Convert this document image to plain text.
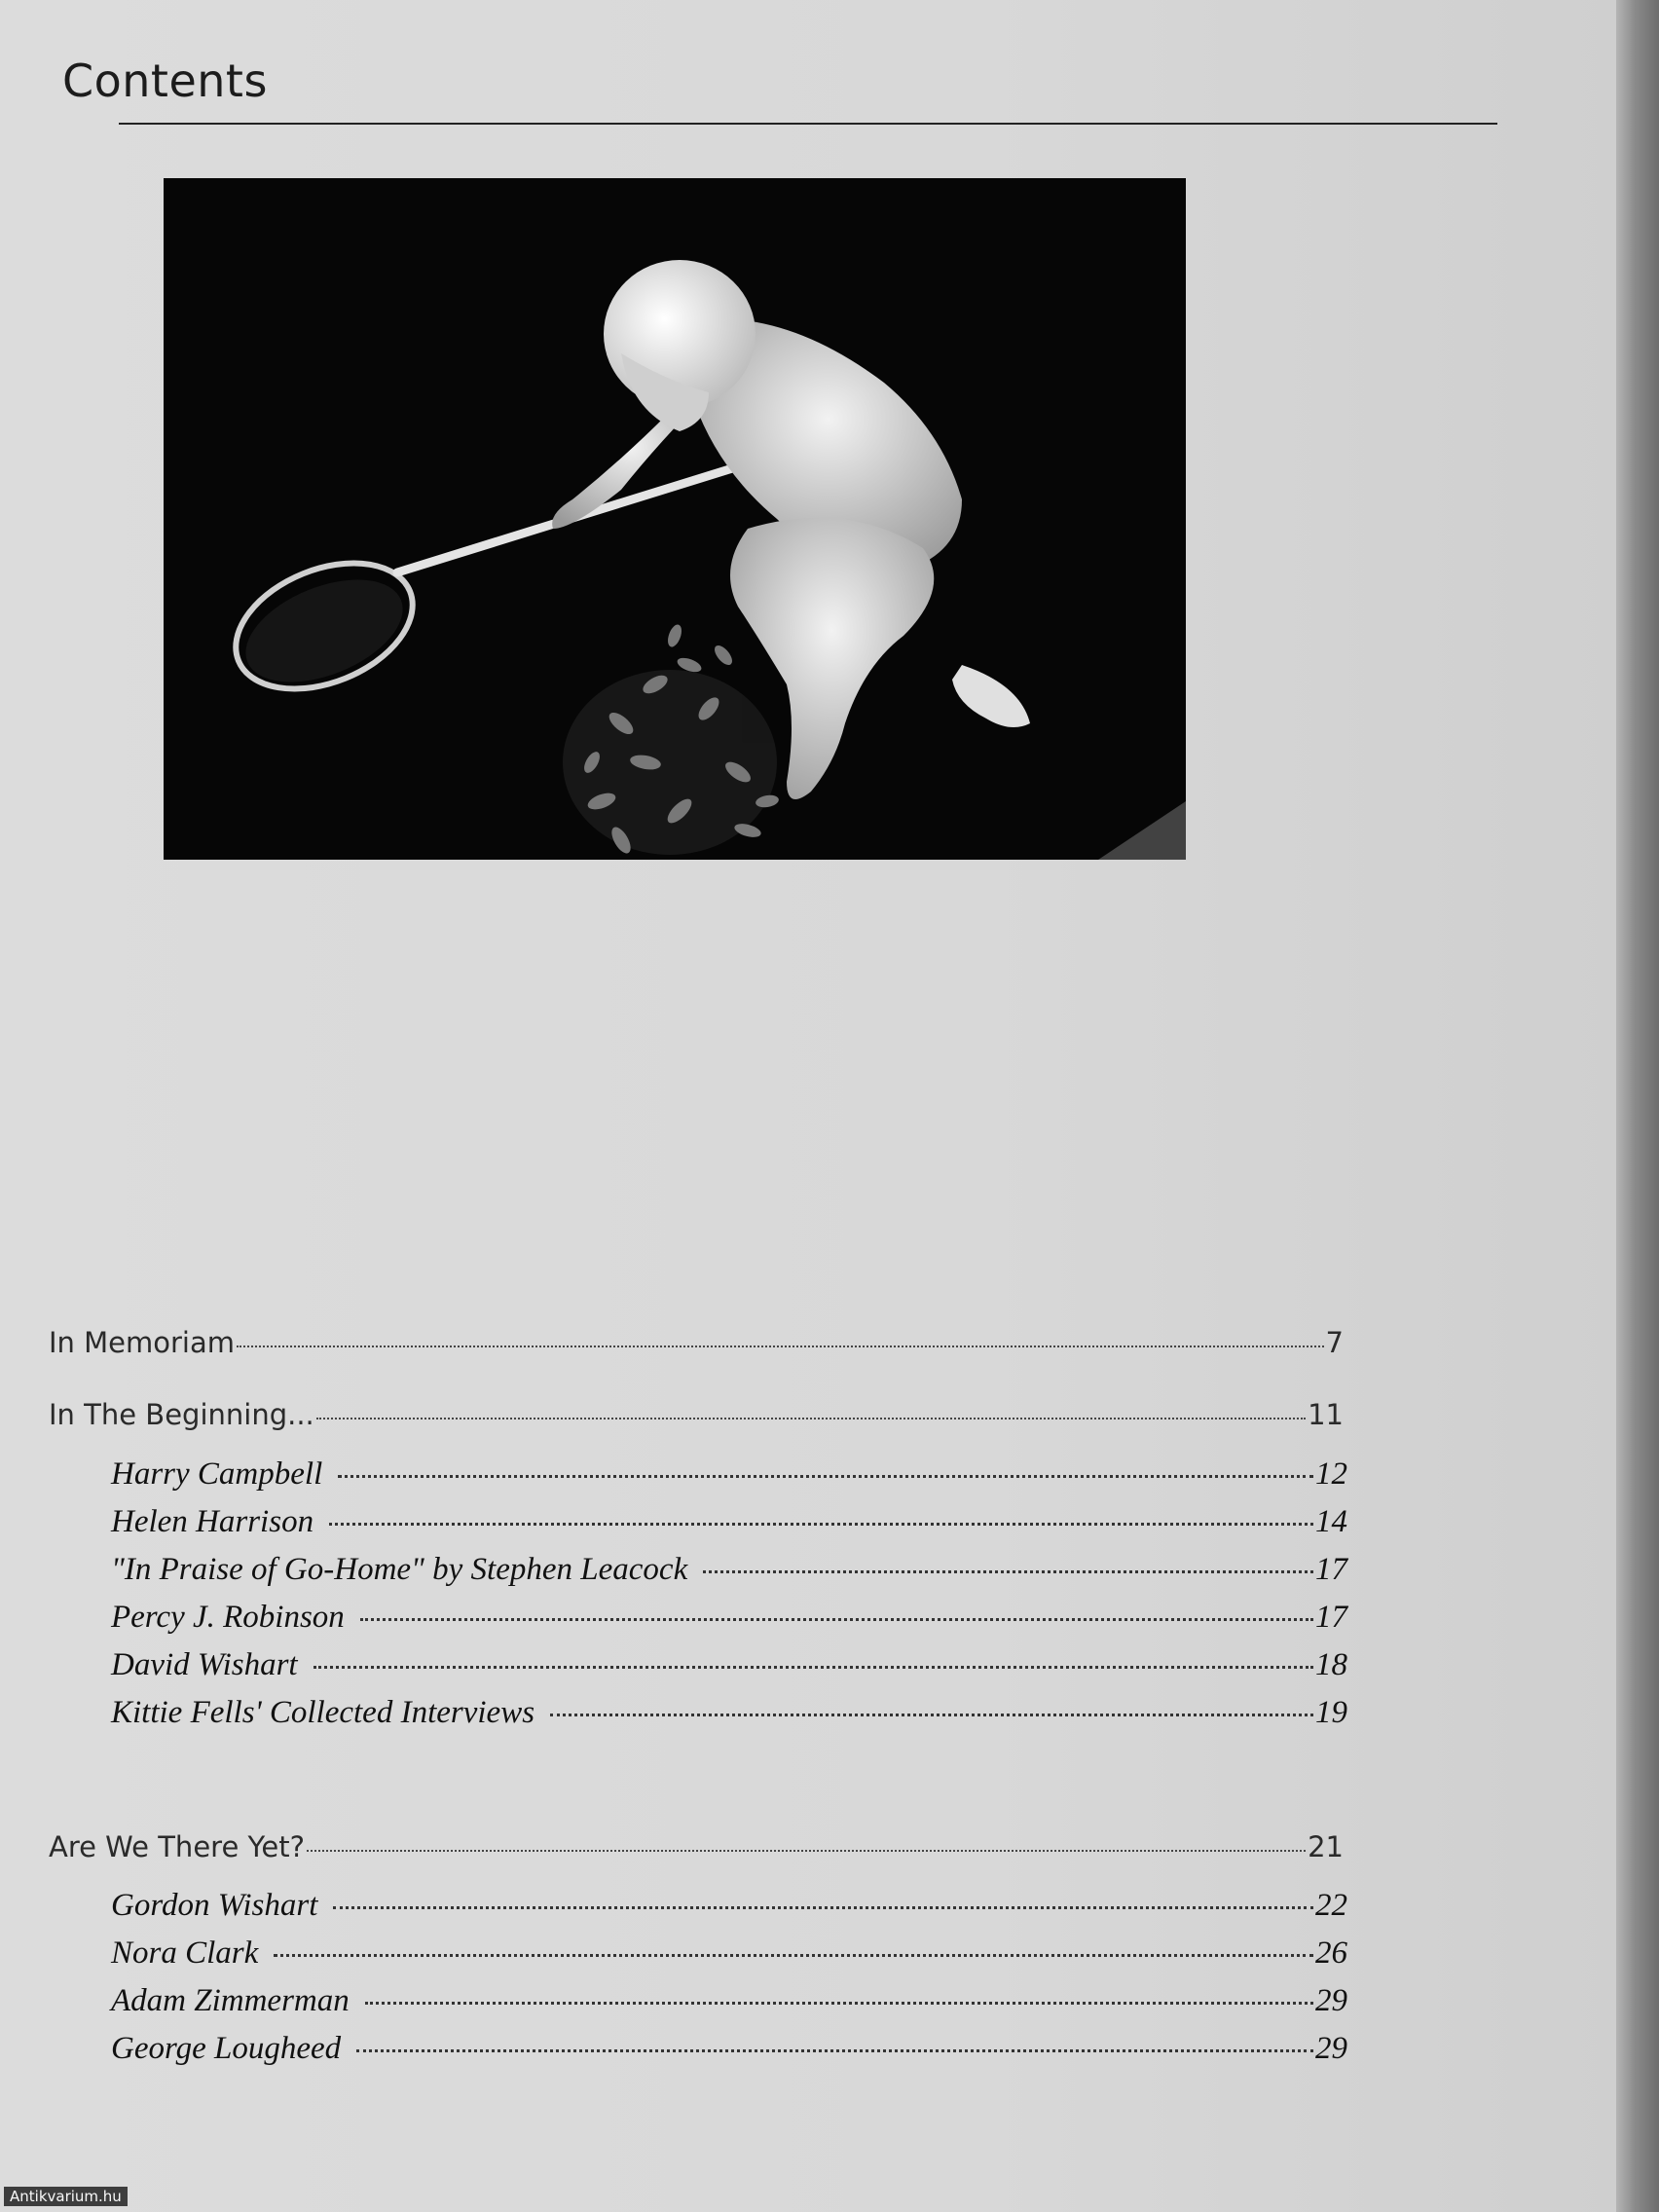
Contents
In Memoriam	7
In The Beginning...	11
Harry Campbell	12
Helen Harrison	14
"In Praise of Go-Home" by Stephen Leacock	17
Percy J. Robinson	17
David Wishart	18
Kittie Fells' Collected Interviews	19
Are We There Yet?	21
Gordon Wishart	22
Nora Clark	26
Adam Zimmerman	29
George Lougheed	29
Antikvarium.hu
